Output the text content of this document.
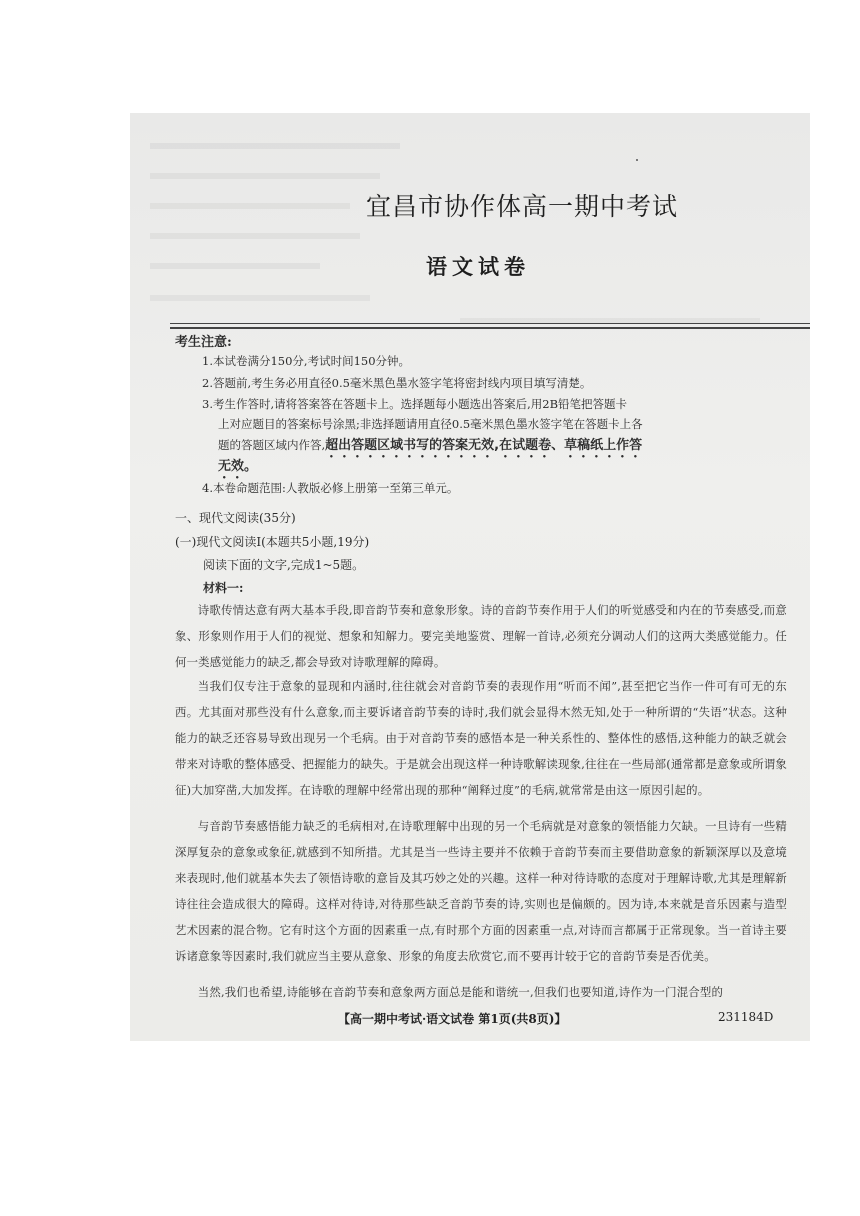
宜昌市协作体高一期中考试
语文试卷
考生注意:
1.本试卷满分150分,考试时间150分钟。
2.答题前,考生务必用直径0.5毫米黑色墨水签字笔将密封线内项目填写清楚。
3.考生作答时,请将答案答在答题卡上。选择题每小题选出答案后,用2B铅笔把答题卡
上对应题目的答案标号涂黑;非选择题请用直径0.5毫米黑色墨水签字笔在答题卡上各
题的答题区域内作答,超出答题区域书写的答案无效,在试题卷、草稿纸上作答
无效。
4.本卷命题范围:人教版必修上册第一至第三单元。
一、现代文阅读(35分)
(一)现代文阅读Ⅰ(本题共5小题,19分)
阅读下面的文字,完成1~5题。
材料一:
诗歌传情达意有两大基本手段,即音韵节奏和意象形象。诗的音韵节奏作用于人们的听觉感受和内在的节奏感受,而意象、形象则作用于人们的视觉、想象和知解力。要完美地鉴赏、理解一首诗,必须充分调动人们的这两大类感觉能力。任何一类感觉能力的缺乏,都会导致对诗歌理解的障碍。
当我们仅专注于意象的显现和内涵时,往往就会对音韵节奏的表现作用“听而不闻”,甚至把它当作一件可有可无的东西。尤其面对那些没有什么意象,而主要诉诸音韵节奏的诗时,我们就会显得木然无知,处于一种所谓的“失语”状态。这种能力的缺乏还容易导致出现另一个毛病。由于对音韵节奏的感悟本是一种关系性的、整体性的感悟,这种能力的缺乏就会带来对诗歌的整体感受、把握能力的缺失。于是就会出现这样一种诗歌解读现象,往往在一些局部(通常都是意象或所谓象征)大加穿凿,大加发挥。在诗歌的理解中经常出现的那种“阐释过度”的毛病,就常常是由这一原因引起的。
与音韵节奏感悟能力缺乏的毛病相对,在诗歌理解中出现的另一个毛病就是对意象的领悟能力欠缺。一旦诗有一些精深厚复杂的意象或象征,就感到不知所措。尤其是当一些诗主要并不依赖于音韵节奏而主要借助意象的新颖深厚以及意境来表现时,他们就基本失去了领悟诗歌的意旨及其巧妙之处的兴趣。这样一种对待诗歌的态度对于理解诗歌,尤其是理解新诗往往会造成很大的障碍。这样对待诗,对待那些缺乏音韵节奏的诗,实则也是偏颇的。因为诗,本来就是音乐因素与造型艺术因素的混合物。它有时这个方面的因素重一点,有时那个方面的因素重一点,对诗而言都属于正常现象。当一首诗主要诉诸意象等因素时,我们就应当主要从意象、形象的角度去欣赏它,而不要再计较于它的音韵节奏是否优美。
当然,我们也希望,诗能够在音韵节奏和意象两方面总是能和谐统一,但我们也要知道,诗作为一门混合型的
【高一期中考试·语文试卷 第1页(共8页)】	231184D
